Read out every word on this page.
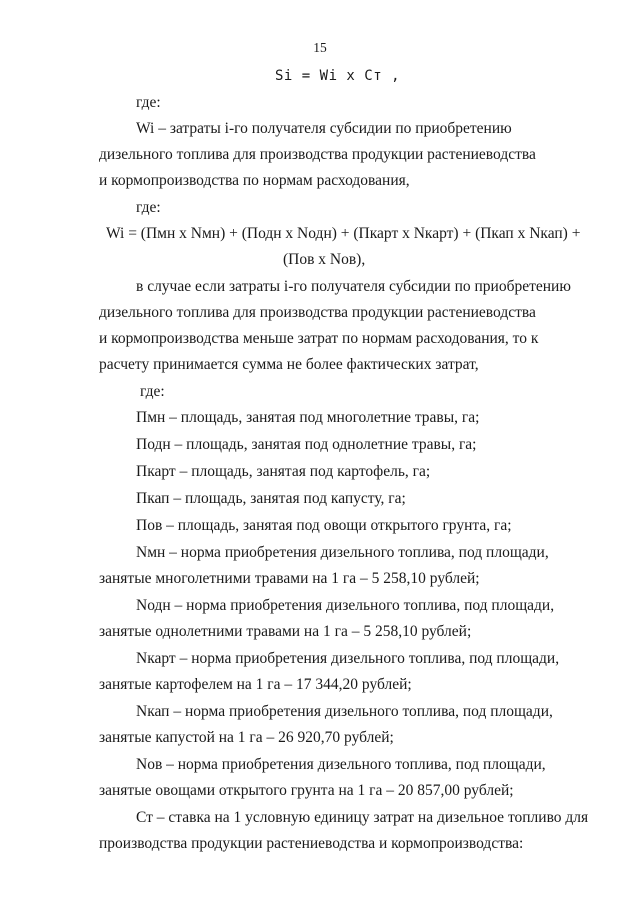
15
Si = Wi x Ст ,
где:
Wi – затраты i-го получателя субсидии по приобретению
дизельного топлива для производства продукции растениеводства
и кормопроизводства по нормам расходования,
где:
Wi = (Пмн х Nмн) + (Подн х Nодн) + (Пкарт х Nкарт) + (Пкап х Nкап) +
(Пов х Nов),
в случае если затраты i-го получателя субсидии по приобретению
дизельного топлива для производства продукции растениеводства
и кормопроизводства меньше затрат по нормам расходования, то к
расчету принимается сумма не более фактических затрат,
где:
Пмн – площадь, занятая под многолетние травы, га;
Подн – площадь, занятая под однолетние травы, га;
Пкарт – площадь, занятая под картофель, га;
Пкап – площадь, занятая под капусту, га;
Пов – площадь, занятая под овощи открытого грунта, га;
Nмн – норма приобретения дизельного топлива, под площади,
занятые многолетними травами на 1 га – 5 258,10 рублей;
Nодн – норма приобретения дизельного топлива, под площади,
занятые однолетними травами на 1 га – 5 258,10 рублей;
Nкарт – норма приобретения дизельного топлива, под площади,
занятые картофелем на 1 га – 17 344,20 рублей;
Nкап – норма приобретения дизельного топлива, под площади,
занятые капустой на 1 га – 26 920,70 рублей;
Nов – норма приобретения дизельного топлива, под площади,
занятые овощами открытого грунта на 1 га – 20 857,00 рублей;
Ст – ставка на 1 условную единицу затрат на дизельное топливо для
производства продукции растениеводства и кормопроизводства:
